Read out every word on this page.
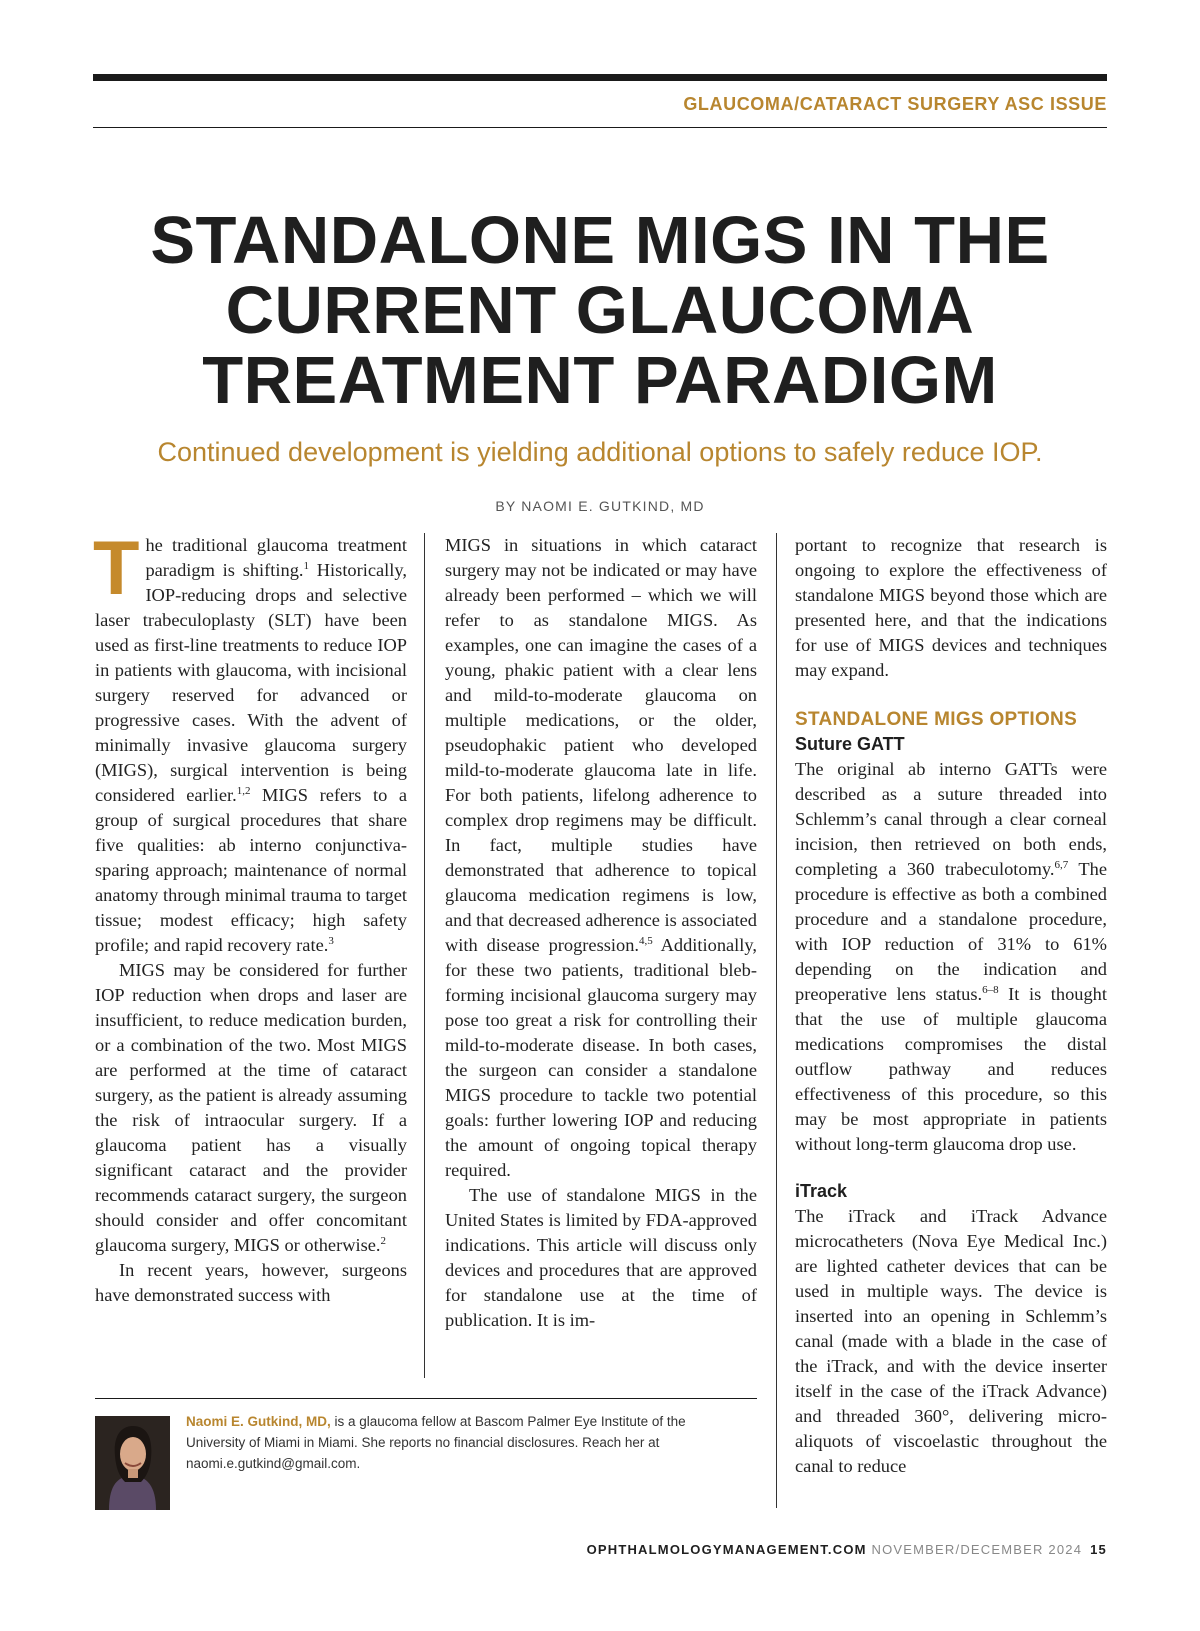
GLAUCOMA/CATARACT SURGERY ASC ISSUE
STANDALONE MIGS IN THE
CURRENT GLAUCOMA
TREATMENT PARADIGM
Continued development is yielding additional options to safely reduce IOP.
BY NAOMI E. GUTKIND, MD

The traditional glaucoma treatment paradigm is shifting.$^1$ Historically, IOP-reducing drops and selective laser trabeculoplasty (SLT) have been used as first-line treatments to reduce IOP in patients with glaucoma, with incisional surgery reserved for advanced or progressive cases. With the advent of minimally invasive glaucoma surgery (MIGS), surgical intervention is being considered earlier.$^{1,2}$ MIGS refers to a group of surgical procedures that share five qualities: ab interno conjunctiva-sparing approach; maintenance of normal anatomy through minimal trauma to target tissue; modest efficacy; high safety profile; and rapid recovery rate.$^3$

MIGS may be considered for further IOP reduction when drops and laser are insufficient, to reduce medication burden, or a combination of the two. Most MIGS are performed at the time of cataract surgery, as the patient is already assuming the risk of intraocular surgery. If a glaucoma patient has a visually significant cataract and the provider recommends cataract surgery, the surgeon should consider and offer concomitant glaucoma surgery, MIGS or otherwise.$^2$

In recent years, however, surgeons have demonstrated success with

MIGS in situations in which cataract surgery may not be indicated or may have already been performed – which we will refer to as standalone MIGS. As examples, one can imagine the cases of a young, phakic patient with a clear lens and mild-to-moderate glaucoma on multiple medications, or the older, pseudophakic patient who developed mild-to-moderate glaucoma late in life. For both patients, lifelong adherence to complex drop regimens may be difficult. In fact, multiple studies have demonstrated that adherence to topical glaucoma medication regimens is low, and that decreased adherence is associated with disease progression.$^{4,5}$ Additionally, for these two patients, traditional bleb-forming incisional glaucoma surgery may pose too great a risk for controlling their mild-to-moderate disease. In both cases, the surgeon can consider a standalone MIGS procedure to tackle two potential goals: further lowering IOP and reducing the amount of ongoing topical therapy required.

The use of standalone MIGS in the United States is limited by FDA-approved indications. This article will discuss only devices and procedures that are approved for standalone use at the time of publication. It is im-

portant to recognize that research is ongoing to explore the effectiveness of standalone MIGS beyond those which are presented here, and that the indications for use of MIGS devices and techniques may expand.

STANDALONE MIGS OPTIONS

Suture GATT

The original ab interno GATTs were described as a suture threaded into Schlemm’s canal through a clear corneal incision, then retrieved on both ends, completing a 360 trabeculotomy.$^{6,7}$ The procedure is effective as both a combined procedure and a standalone procedure, with IOP reduction of 31% to 61% depending on the indication and preoperative lens status.$^{6-8}$ It is thought that the use of multiple glaucoma medications compromises the distal outflow pathway and reduces effectiveness of this procedure, so this may be most appropriate in patients without long-term glaucoma drop use.

iTrack

The iTrack and iTrack Advance microcatheters (Nova Eye Medical Inc.) are lighted catheter devices that can be used in multiple ways. The device is inserted into an opening in Schlemm’s canal (made with a blade in the case of the iTrack, and with the device inserter itself in the case of the iTrack Advance) and threaded 360°, delivering micro-aliquots of viscoelastic throughout the canal to reduce

Naomi E. Gutkind, MD, is a glaucoma fellow at Bascom Palmer Eye Institute of the University of Miami in Miami. She reports no financial disclosures. Reach her at naomi.e.gutkind@gmail.com.
OPHTHALMOLOGYMANAGEMENT.COM NOVEMBER/DECEMBER 2024 15
